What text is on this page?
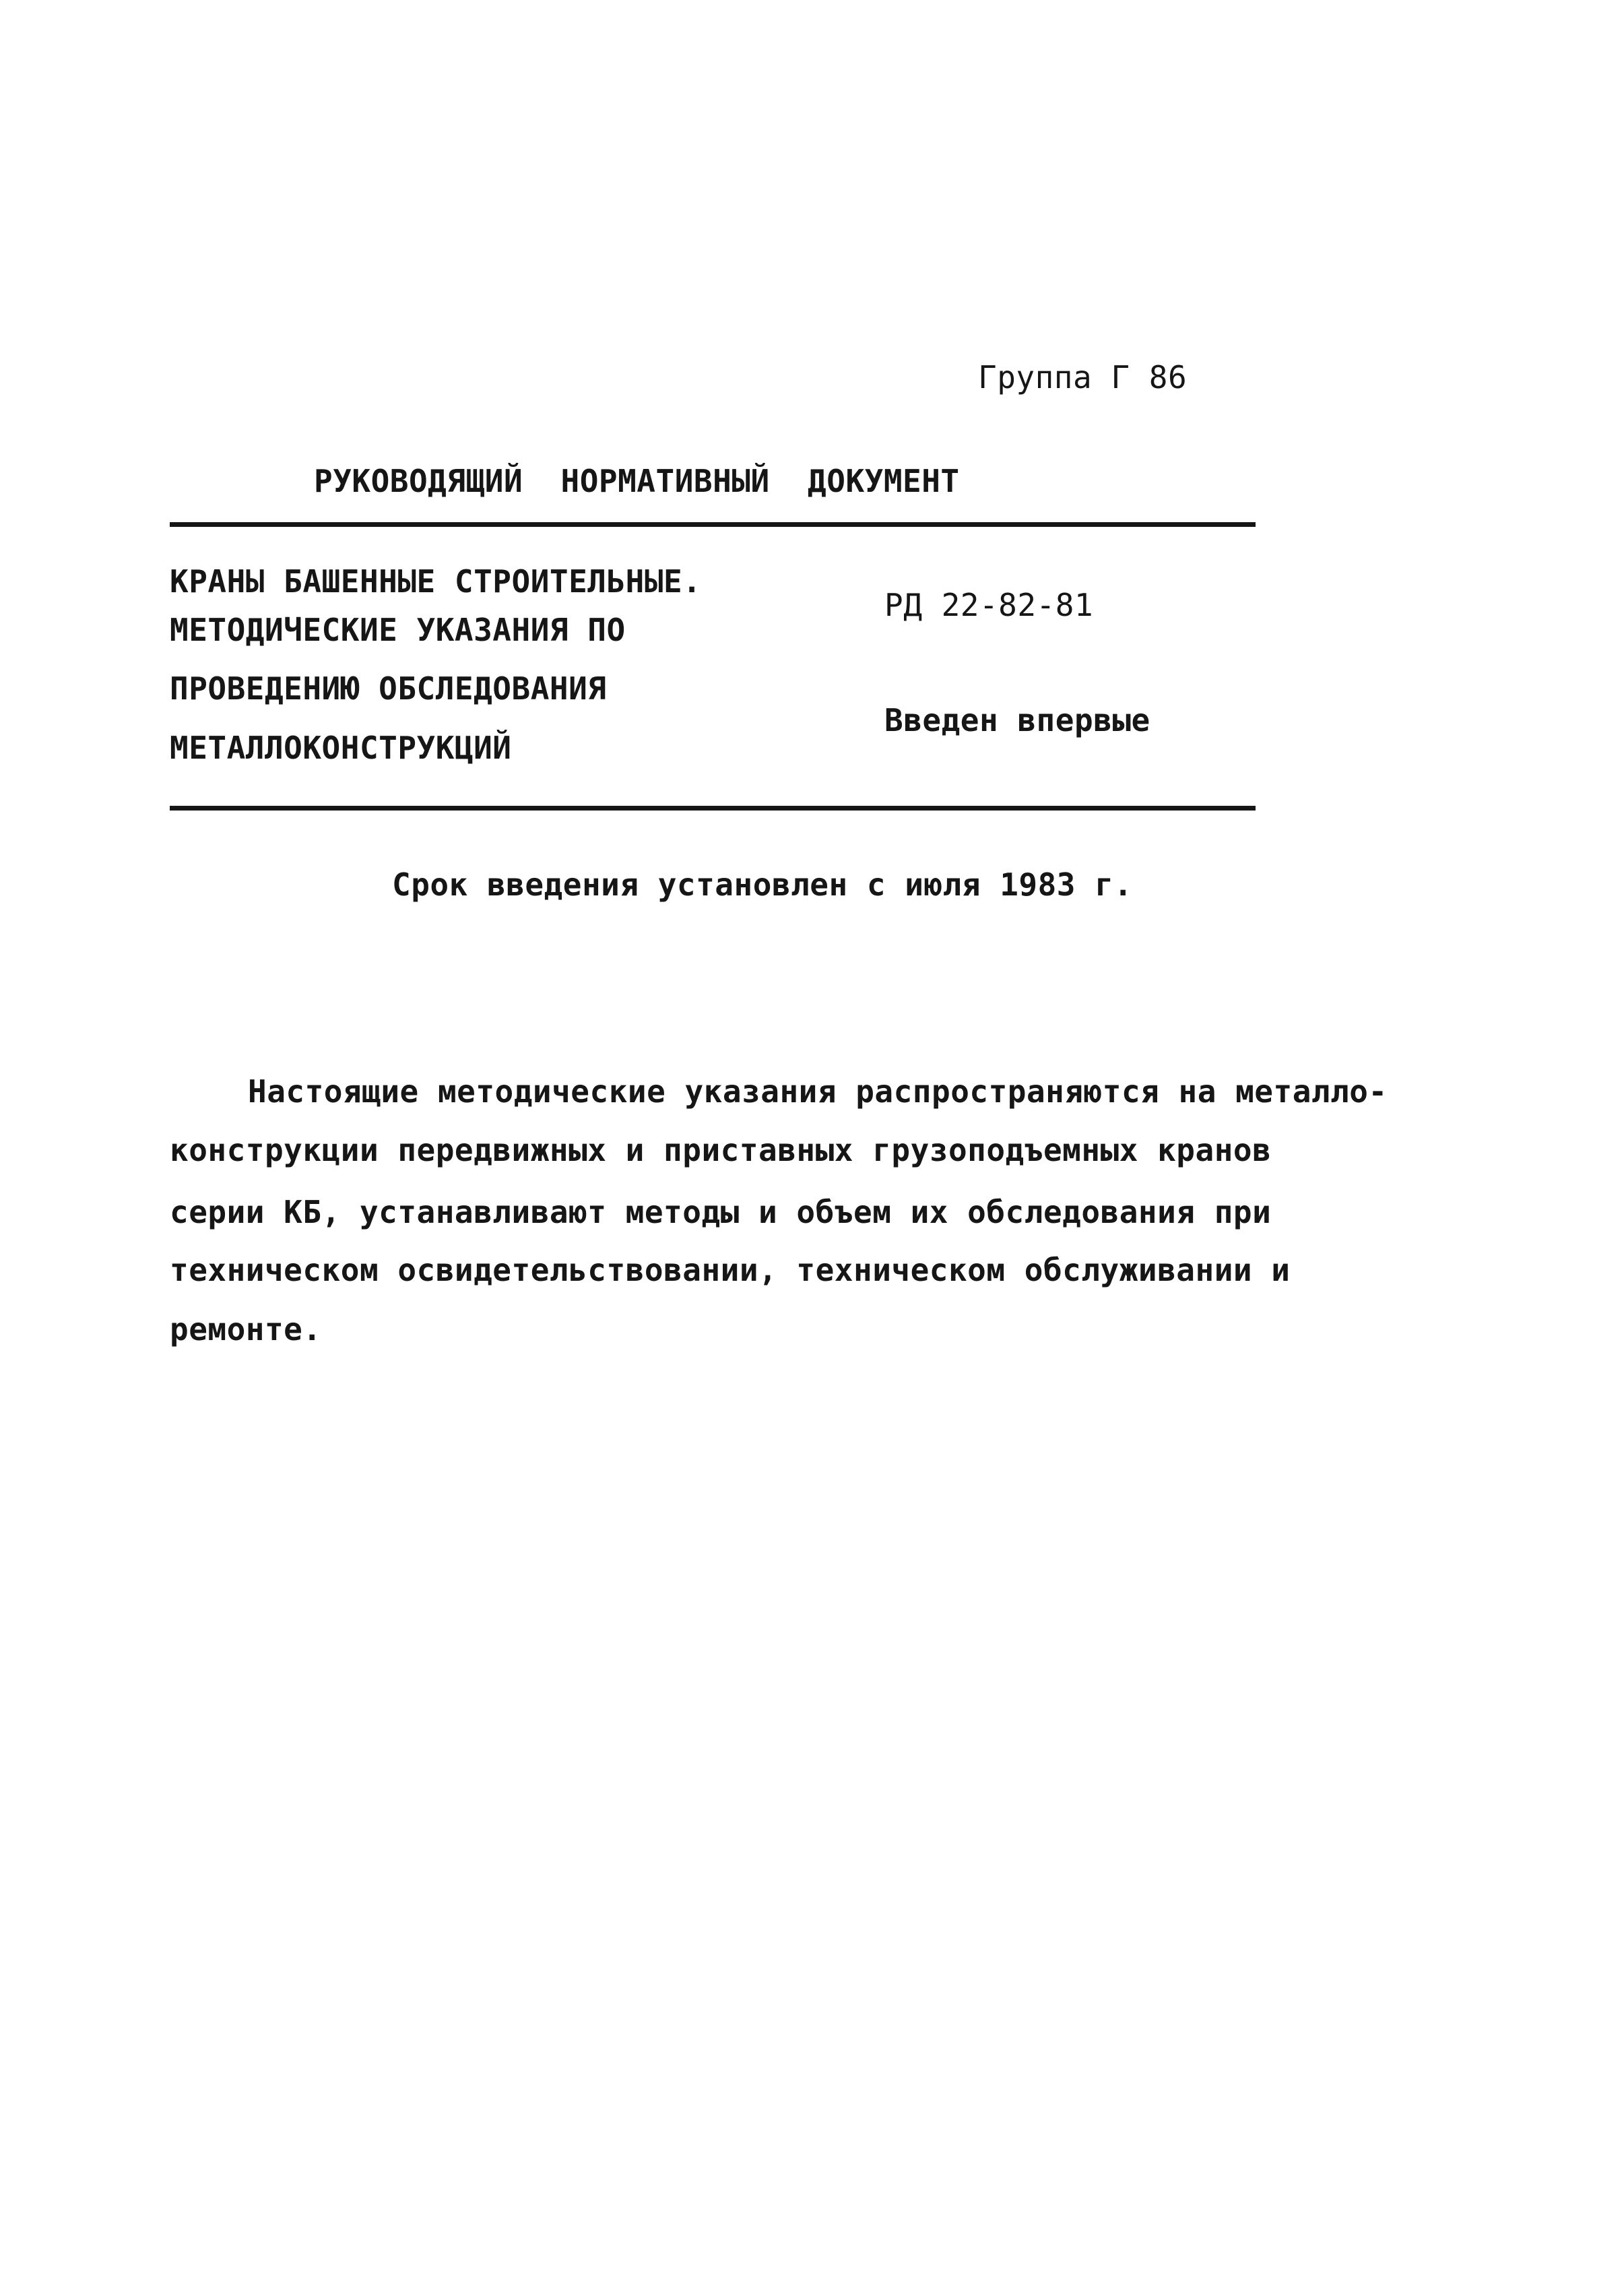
Группа Г 86
РУКОВОДЯЩИЙ  НОРМАТИВНЫЙ  ДОКУМЕНТ
КРАНЫ БАШЕННЫЕ СТРОИТЕЛЬНЫЕ.
МЕТОДИЧЕСКИЕ УКАЗАНИЯ ПО
ПРОВЕДЕНИЮ ОБСЛЕДОВАНИЯ
МЕТАЛЛОКОНСТРУКЦИЙ
РД 22-82-81
Введен впервые
Срок введения установлен с июля 1983 г.
Настоящие методические указания распространяются на металло-
конструкции передвижных и приставных грузоподъемных кранов
серии КБ, устанавливают методы и объем их обследования при
техническом освидетельствовании, техническом обслуживании и
ремонте.
